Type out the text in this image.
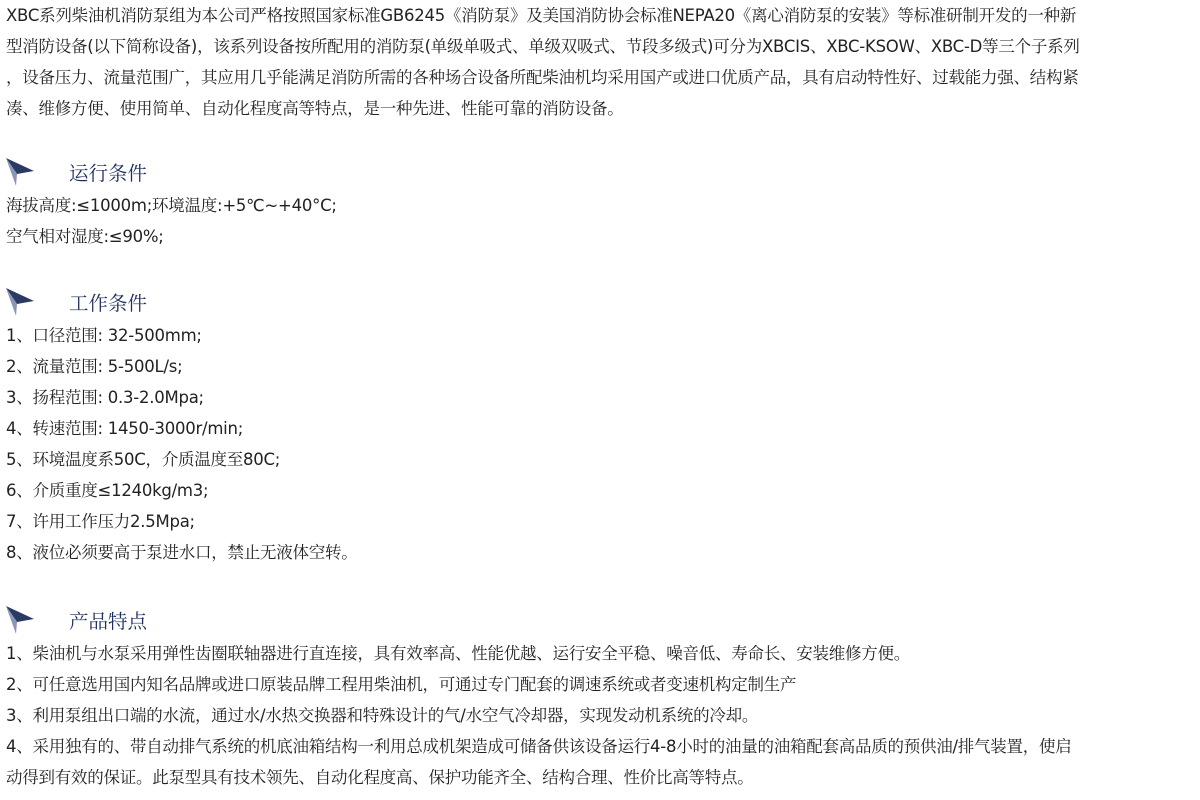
XBC系列柴油机消防泵组为本公司严格按照国家标准GB6245《消防泵》及美国消防协会标准NEPA20《离心消防泵的安装》等标准研制开发的一种新

型消防设备(以下简称设备)，该系列设备按所配用的消防泵(单级单吸式、单级双吸式、节段多级式)可分为XBCIS、XBC-KSOW、XBC-D等三个子系列

，设备压力、流量范围广，其应用几乎能满足消防所需的各种场合设备所配柴油机均采用国产或进口优质产品，具有启动特性好、过载能力强、结构紧

凑、维修方便、使用简单、自动化程度高等特点，是一种先进、性能可靠的消防设备。

运行条件

海拔高度:≤1000m;环境温度:+5℃~+40°C;

空气相对湿度:≤90%;

工作条件

1、口径范围: 32-500mm;

2、流量范围: 5-500L/s;

3、扬程范围: 0.3-2.0Mpa;

4、转速范围: 1450-3000r/min;

5、环境温度系50C，介质温度至80C;

6、介质重度≤1240kg/m3;

7、许用工作压力2.5Mpa;

8、液位必须要高于泵进水口，禁止无液体空转。

产品特点

1、柴油机与水泵采用弹性齿圈联轴器进行直连接，具有效率高、性能优越、运行安全平稳、噪音低、寿命长、安装维修方便。

2、可任意选用国内知名品牌或进口原装品牌工程用柴油机，可通过专门配套的调速系统或者变速机构定制生产

3、利用泵组出口端的水流，通过水/水热交换器和特殊设计的气/水空气冷却器，实现发动机系统的冷却。

4、采用独有的、带自动排气系统的机底油箱结构一利用总成机架造成可储备供该设备运行4-8小时的油量的油箱配套高品质的预供油/排气装置，使启

动得到有效的保证。此泵型具有技术领先、自动化程度高、保护功能齐全、结构合理、性价比高等特点。
